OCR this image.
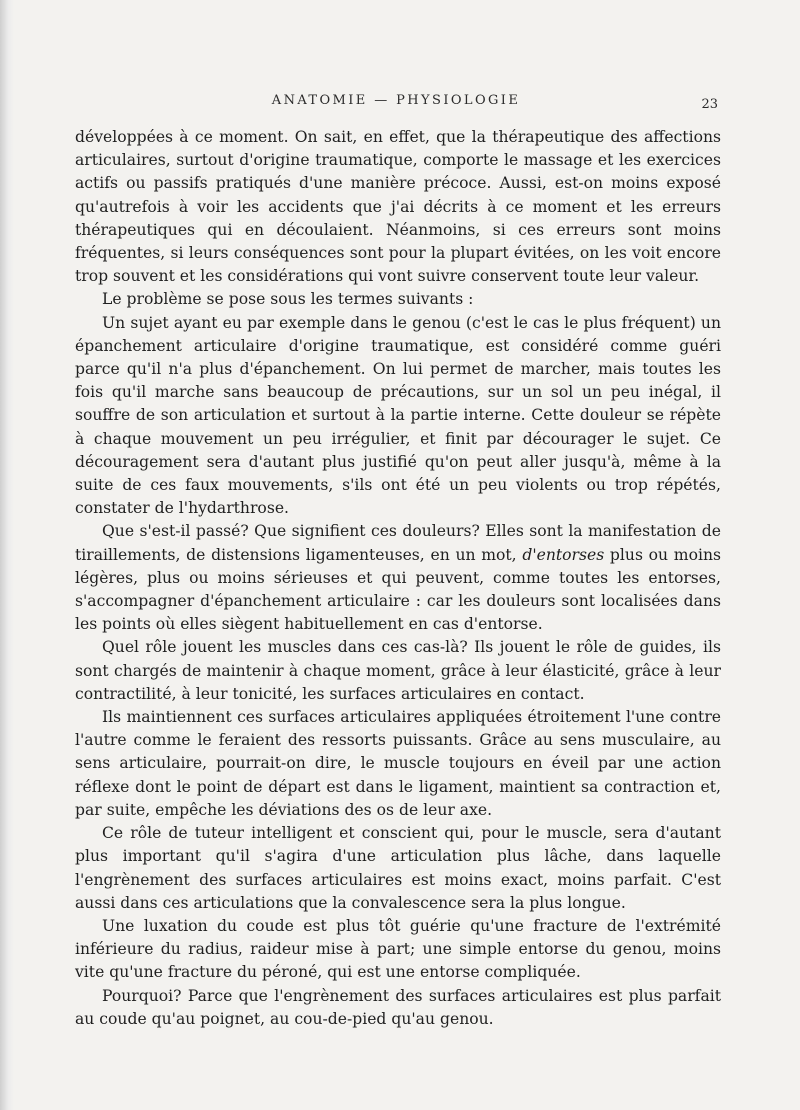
ANATOMIE — PHYSIOLOGIE	23

développées à ce moment. On sait, en effet, que la thérapeutique des affections articulaires, surtout d'origine traumatique, comporte le massage et les exercices actifs ou passifs pratiqués d'une manière précoce. Aussi, est-on moins exposé qu'autrefois à voir les accidents que j'ai décrits à ce moment et les erreurs thérapeutiques qui en découlaient. Néanmoins, si ces erreurs sont moins fréquentes, si leurs conséquences sont pour la plupart évitées, on les voit encore trop souvent et les considérations qui vont suivre conservent toute leur valeur.

Le problème se pose sous les termes suivants :

Un sujet ayant eu par exemple dans le genou (c'est le cas le plus fréquent) un épanchement articulaire d'origine traumatique, est considéré comme guéri parce qu'il n'a plus d'épanchement. On lui permet de marcher, mais toutes les fois qu'il marche sans beaucoup de précautions, sur un sol un peu inégal, il souffre de son articulation et surtout à la partie interne. Cette douleur se répète à chaque mouvement un peu irrégulier, et finit par décourager le sujet. Ce découragement sera d'autant plus justifié qu'on peut aller jusqu'à, même à la suite de ces faux mouvements, s'ils ont été un peu violents ou trop répétés, constater de l'hydarthrose.

Que s'est-il passé? Que signifient ces douleurs? Elles sont la manifestation de tiraillements, de distensions ligamenteuses, en un mot, d'entorses plus ou moins légères, plus ou moins sérieuses et qui peuvent, comme toutes les entorses, s'accompagner d'épanchement articulaire : car les douleurs sont localisées dans les points où elles siègent habituellement en cas d'entorse.

Quel rôle jouent les muscles dans ces cas-là? Ils jouent le rôle de guides, ils sont chargés de maintenir à chaque moment, grâce à leur élasticité, grâce à leur contractilité, à leur tonicité, les surfaces articulaires en contact.

Ils maintiennent ces surfaces articulaires appliquées étroitement l'une contre l'autre comme le feraient des ressorts puissants. Grâce au sens musculaire, au sens articulaire, pourrait-on dire, le muscle toujours en éveil par une action réflexe dont le point de départ est dans le ligament, maintient sa contraction et, par suite, empêche les déviations des os de leur axe.

Ce rôle de tuteur intelligent et conscient qui, pour le muscle, sera d'autant plus important qu'il s'agira d'une articulation plus lâche, dans laquelle l'engrènement des surfaces articulaires est moins exact, moins parfait. C'est aussi dans ces articulations que la convalescence sera la plus longue.

Une luxation du coude est plus tôt guérie qu'une fracture de l'extrémité inférieure du radius, raideur mise à part; une simple entorse du genou, moins vite qu'une fracture du péroné, qui est une entorse compliquée.

Pourquoi? Parce que l'engrènement des surfaces articulaires est plus parfait au coude qu'au poignet, au cou-de-pied qu'au genou.
